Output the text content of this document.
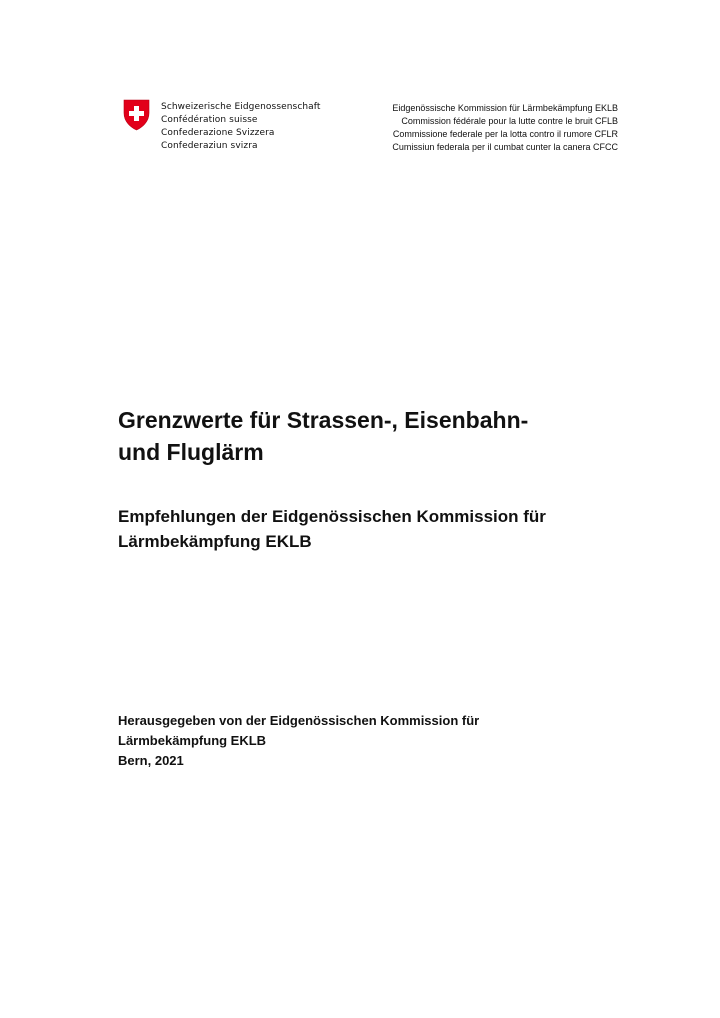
Schweizerische Eidgenossenschaft
Confédération suisse
Confederazione Svizzera
Confederaziun svizra
Eidgenössische Kommission für Lärmbekämpfung EKLB
Commission fédérale pour la lutte contre le bruit CFLB
Commissione federale per la lotta contro il rumore CFLR
Cumissiun federala per il cumbat cunter la canera CFCC
Grenzwerte für Strassen-, Eisenbahn-
und Fluglärm
Empfehlungen der Eidgenössischen Kommission für
Lärmbekämpfung EKLB
Herausgegeben von der Eidgenössischen Kommission für
Lärmbekämpfung EKLB
Bern, 2021
